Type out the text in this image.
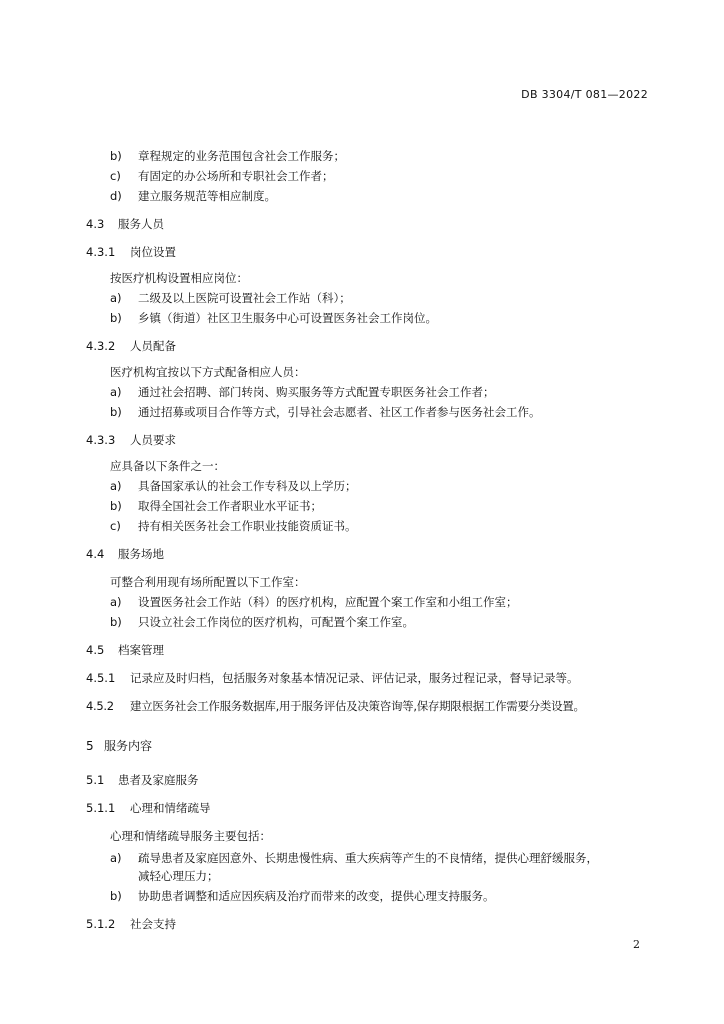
DB 3304/T 081—2022
b) 章程规定的业务范围包含社会工作服务；
c) 有固定的办公场所和专职社会工作者；
d) 建立服务规范等相应制度。
4.3 服务人员
4.3.1 岗位设置
按医疗机构设置相应岗位：
a) 二级及以上医院可设置社会工作站（科）；
b) 乡镇（街道）社区卫生服务中心可设置医务社会工作岗位。
4.3.2 人员配备
医疗机构宜按以下方式配备相应人员：
a) 通过社会招聘、部门转岗、购买服务等方式配置专职医务社会工作者；
b) 通过招募或项目合作等方式，引导社会志愿者、社区工作者参与医务社会工作。
4.3.3 人员要求
应具备以下条件之一：
a) 具备国家承认的社会工作专科及以上学历；
b) 取得全国社会工作者职业水平证书；
c) 持有相关医务社会工作职业技能资质证书。
4.4 服务场地
可整合利用现有场所配置以下工作室：
a) 设置医务社会工作站（科）的医疗机构，应配置个案工作室和小组工作室；
b) 只设立社会工作岗位的医疗机构，可配置个案工作室。
4.5 档案管理
4.5.1 记录应及时归档，包括服务对象基本情况记录、评估记录，服务过程记录，督导记录等。
4.5.2 建立医务社会工作服务数据库,用于服务评估及决策咨询等,保存期限根据工作需要分类设置。
5 服务内容
5.1 患者及家庭服务
5.1.1 心理和情绪疏导
心理和情绪疏导服务主要包括：
a) 疏导患者及家庭因意外、长期患慢性病、重大疾病等产生的不良情绪，提供心理舒缓服务，
减轻心理压力；
b) 协助患者调整和适应因疾病及治疗而带来的改变，提供心理支持服务。
5.1.2 社会支持
2
